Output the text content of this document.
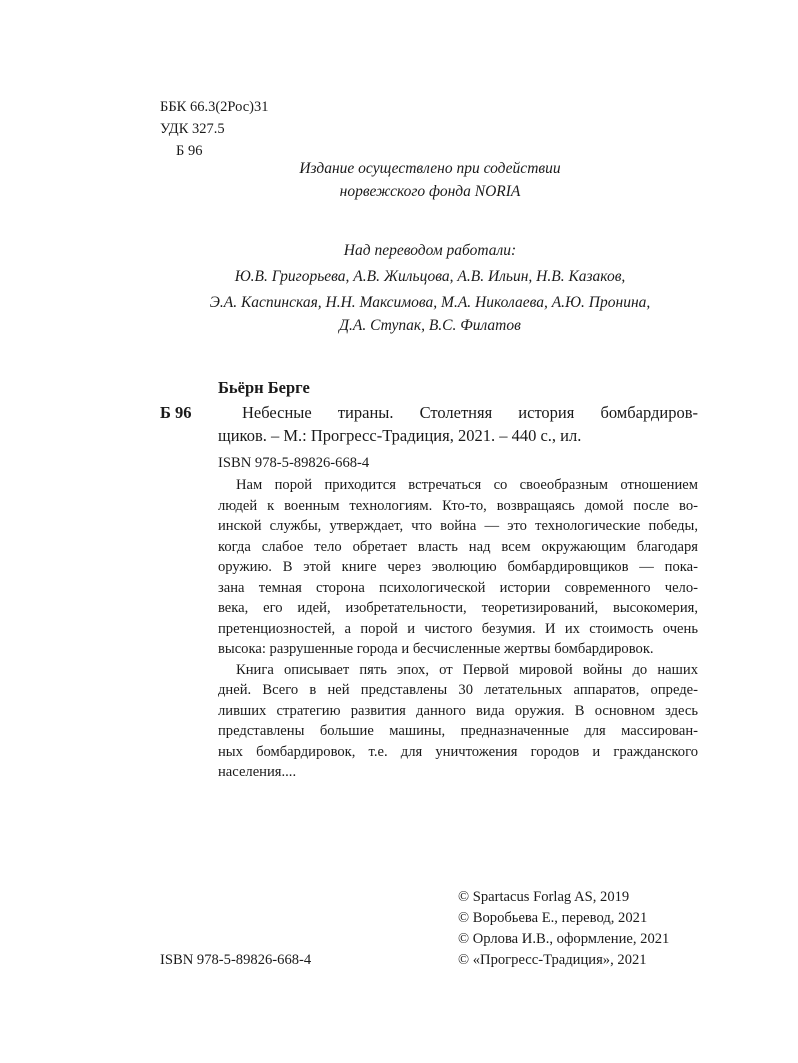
ББК 66.3(2Рос)31
УДК 327.5
Б 96
Издание осуществлено при содействии
норвежского фонда NORIA
Над переводом работали:
Ю.В. Григорьева, А.В. Жильцова, А.В. Ильин, Н.В. Казаков,
Э.А. Каспинская, Н.Н. Максимова, М.А. Николаева, А.Ю. Пронина,
Д.А. Ступак, В.С. Филатов
Бьёрн Берге
Б 96	Небесные тираны. Столетняя история бомбардиров-
щиков. – М.: Прогресс-Традиция, 2021. – 440 с., ил.
ISBN 978-5-89826-668-4

Нам порой приходится встречаться со своеобразным отношением

людей к военным технологиям. Кто-то, возвращаясь домой после во-

инской службы, утверждает, что война — это технологические победы,

когда слабое тело обретает власть над всем окружающим благодаря

оружию. В этой книге через эволюцию бомбардировщиков — пока-

зана темная сторона психологической истории современного чело-

века, его идей, изобретательности, теоретизирований, высокомерия,

претенциозностей, а порой и чистого безумия. И их стоимость очень

высока: разрушенные города и бесчисленные жертвы бомбардировок.

Книга описывает пять эпох, от Первой мировой войны до наших

дней. Всего в ней представлены 30 летательных аппаратов, опреде-

ливших стратегию развития данного вида оружия. В основном здесь

представлены большие машины, предназначенные для массирован-

ных бомбардировок, т.е. для уничтожения городов и гражданского

населения....

© Spartacus Forlag AS, 2019
© Воробьева Е., перевод, 2021
© Орлова И.В., оформление, 2021
© «Прогресс-Традиция», 2021
ISBN 978-5-89826-668-4
